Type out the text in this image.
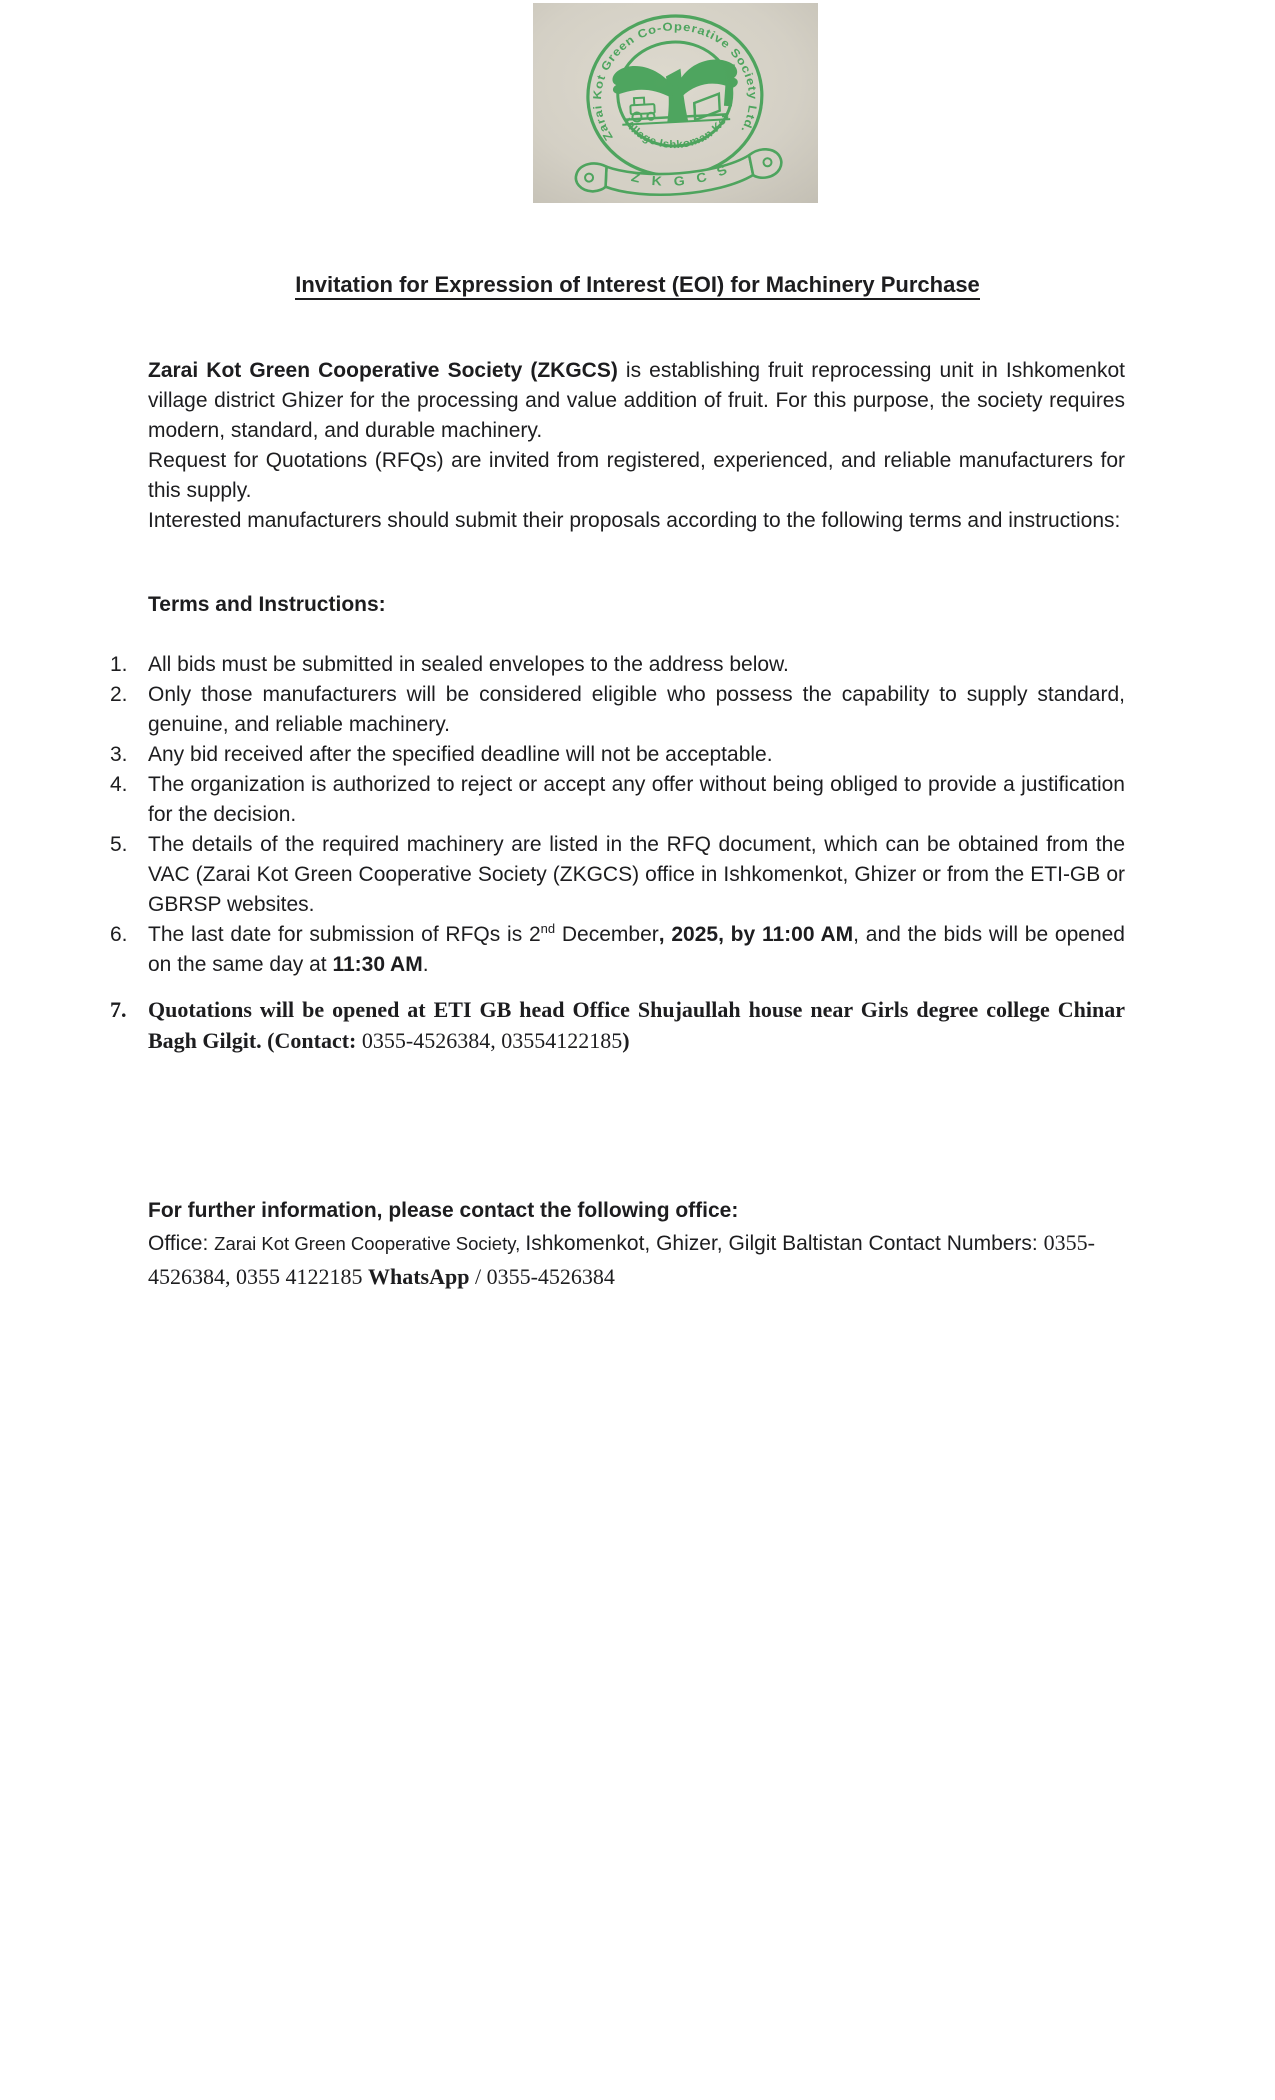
Zarai Kot Green Co-Operative Society Ltd.
Village Ishkoman Kot
Z K G C S
Invitation for Expression of Interest (EOI) for Machinery Purchase

Zarai Kot Green Cooperative Society (ZKGCS) is establishing fruit reprocessing unit in Ishkomenkot village district Ghizer for the processing and value addition of fruit. For this purpose, the society requires modern, standard, and durable machinery.

Request for Quotations (RFQs) are invited from registered, experienced, and reliable manufacturers for this supply.

Interested manufacturers should submit their proposals according to the following terms and instructions:

Terms and Instructions:
1. All bids must be submitted in sealed envelopes to the address below.
2. Only those manufacturers will be considered eligible who possess the capability to supply standard, genuine, and reliable machinery.
3. Any bid received after the specified deadline will not be acceptable.
4. The organization is authorized to reject or accept any offer without being obliged to provide a justification for the decision.
5. The details of the required machinery are listed in the RFQ document, which can be obtained from the VAC (Zarai Kot Green Cooperative Society (ZKGCS) office in Ishkomenkot, Ghizer or from the ETI-GB or GBRSP websites.
6. The last date for submission of RFQs is 2nd December, 2025, by 11:00 AM, and the bids will be opened on the same day at 11:30 AM.
7. Quotations will be opened at ETI GB head Office Shujaullah house near Girls degree college Chinar Bagh Gilgit. (Contact: 0355-4526384, 03554122185)
For further information, please contact the following office:

Office: Zarai Kot Green Cooperative Society, Ishkomenkot, Ghizer, Gilgit Baltistan Contact Numbers: 0355-4526384, 0355 4122185 WhatsApp / 0355-4526384
